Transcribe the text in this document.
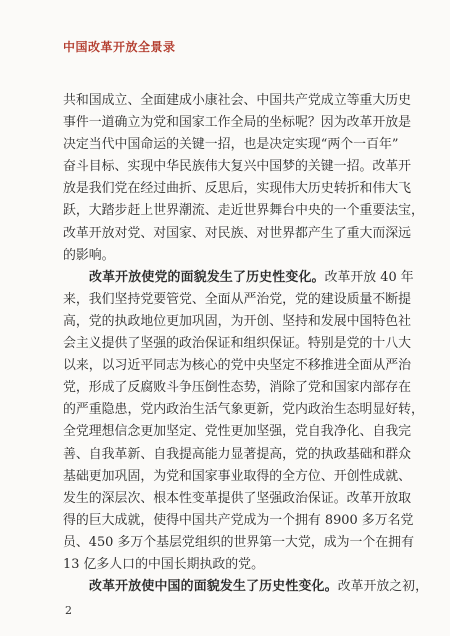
中国改革开放全景录
共和国成立、全面建成小康社会、中国共产党成立等重大历史
事件一道确立为党和国家工作全局的坐标呢？因为改革开放是
决定当代中国命运的关键一招，也是决定实现“两个一百年”
奋斗目标、实现中华民族伟大复兴中国梦的关键一招。改革开
放是我们党在经过曲折、反思后，实现伟大历史转折和伟大飞
跃，大踏步赶上世界潮流、走近世界舞台中央的一个重要法宝，
改革开放对党、对国家、对民族、对世界都产生了重大而深远
的影响。
改革开放使党的面貌发生了历史性变化。改革开放 40 年
来，我们坚持党要管党、全面从严治党，党的建设质量不断提
高，党的执政地位更加巩固，为开创、坚持和发展中国特色社
会主义提供了坚强的政治保证和组织保证。特别是党的十八大
以来，以习近平同志为核心的党中央坚定不移推进全面从严治
党，形成了反腐败斗争压倒性态势，消除了党和国家内部存在
的严重隐患，党内政治生活气象更新，党内政治生态明显好转，
全党理想信念更加坚定、党性更加坚强，党自我净化、自我完
善、自我革新、自我提高能力显著提高，党的执政基础和群众
基础更加巩固，为党和国家事业取得的全方位、开创性成就、
发生的深层次、根本性变革提供了坚强政治保证。改革开放取
得的巨大成就，使得中国共产党成为一个拥有 8900 多万名党
员、450 多万个基层党组织的世界第一大党，成为一个在拥有
13 亿多人口的中国长期执政的党。
改革开放使中国的面貌发生了历史性变化。改革开放之初，
2
